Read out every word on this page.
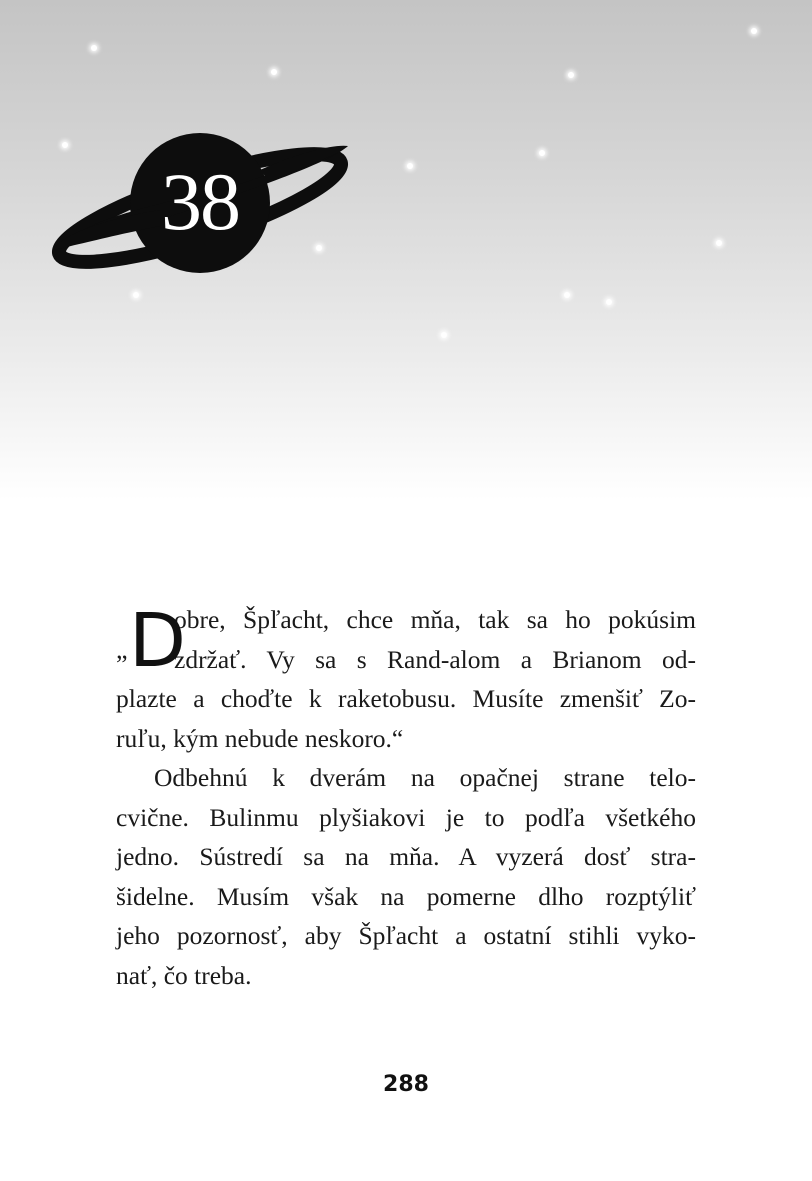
38

„ D
obre, Špľacht, chce mňa, tak sa ho pokúsim
zdržať. Vy sa s Rand-alom a Brianom od-
plazte a choďte k raketobusu. Musíte zmenšiť Zo-
ruľu, kým nebude neskoro.“

Odbehnú k dverám na opačnej strane telo-
cvične. Bulinmu plyšiakovi je to podľa všetkého
jedno. Sústredí sa na mňa. A vyzerá dosť stra-
šidelne. Musím však na pomerne dlho rozptýliť
jeho pozornosť, aby Špľacht a ostatní stihli vyko-
nať, čo treba.

288
